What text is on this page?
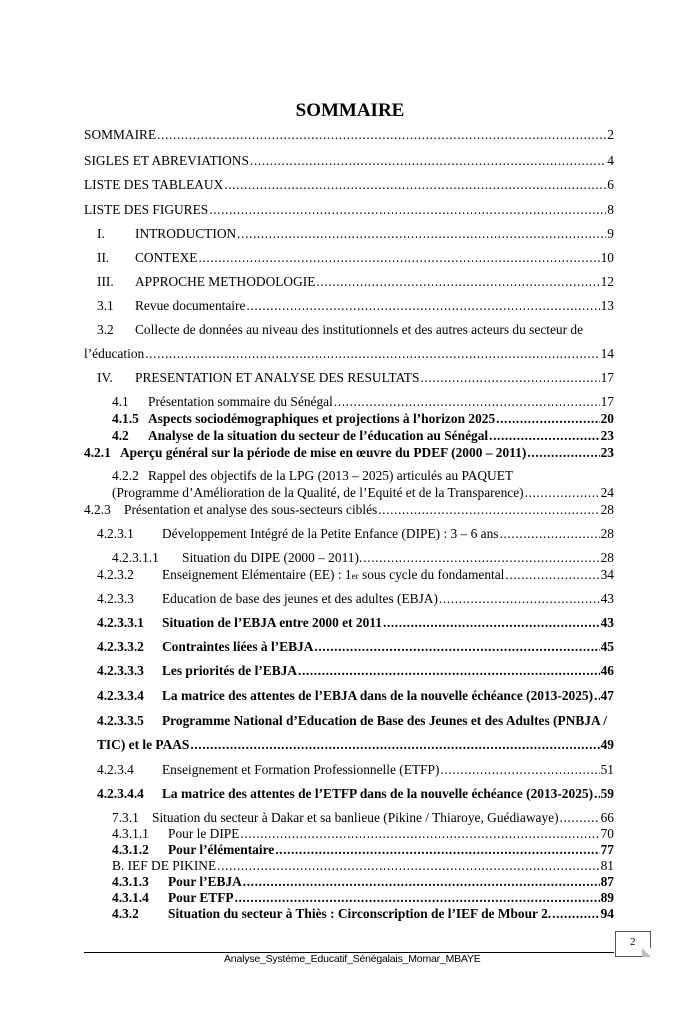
SOMMAIRE
SOMMAIRE .....	2
SIGLES ET ABREVIATIONS .....	4
LISTE DES TABLEAUX .....	6
LISTE DES FIGURES .....	8
I.	INTRODUCTION .....	9
II.	CONTEXE .....	10
III.	APPROCHE METHODOLOGIE .....	12
3.1	Revue documentaire .....	13
3.2	Collecte de données au niveau des institutionnels et des autres acteurs du secteur de
l’éducation .....	14
IV.	PRESENTATION ET ANALYSE DES RESULTATS .....	17
4.1	Présentation sommaire du Sénégal .....	17
4.1.5 Aspects sociodémographiques et projections à l’horizon 2025 .....	20
4.2	Analyse de la situation du secteur de l’éducation au Sénégal .....	23
4.2.1 Aperçu général sur la période de mise en œuvre du PDEF (2000 – 2011) .....	23
4.2.2 Rappel des objectifs de la LPG (2013 – 2025) articulés au PAQUET
(Programme d’Amélioration de la Qualité, de l’Equité et de la Transparence) .....	24
4.2.3 Présentation et analyse des sous-secteurs ciblés .....	28
4.2.3.1	Développement Intégré de la Petite Enfance (DIPE) : 3 – 6 ans .....	28
4.2.3.1.1	Situation du DIPE (2000 – 2011). .....	28
4.2.3.2	Enseignement Elémentaire (EE) : 1 er sous cycle du fondamental .....	34
4.2.3.3	Education de base des jeunes et des adultes (EBJA) .....	43
4.2.3.3.1	Situation de l’EBJA entre 2000 et 2011 .....	43
4.2.3.3.2	Contraintes liées à l’EBJA .....	45
4.2.3.3.3	Les priorités de l’EBJA .....	46
4.2.3.3.4	La matrice des attentes de l’EBJA dans de la nouvelle échéance (2013-2025) ..... 47
4.2.3.3.5	Programme National d’Education de Base des Jeunes et des Adultes (PNBJA /
TIC) et le PAAS .....	49
4.2.3.4	Enseignement et Formation Professionnelle (ETFP) .....	51
4.2.3.4.4	La matrice des attentes de l’ETFP dans de la nouvelle échéance (2013-2025) ..... 59
7.3.1 Situation du secteur à Dakar et sa banlieue (Pikine / Thiaroye, Guédiawaye) .....	66
4.3.1.1	Pour le DIPE .....	70
4.3.1.2	Pour l’élémentaire .....	77
B. IEF DE PIKINE .....	81
4.3.1.3	Pour l’EBJA .....	87
4.3.1.4	Pour ETFP .....	89
4.3.2	Situation du secteur à Thiès : Circonscription de l’IEF de Mbour 2. .....	94
Analyse_Systéme_Educatif_Sénégalais_Momar_MBAYE
2
